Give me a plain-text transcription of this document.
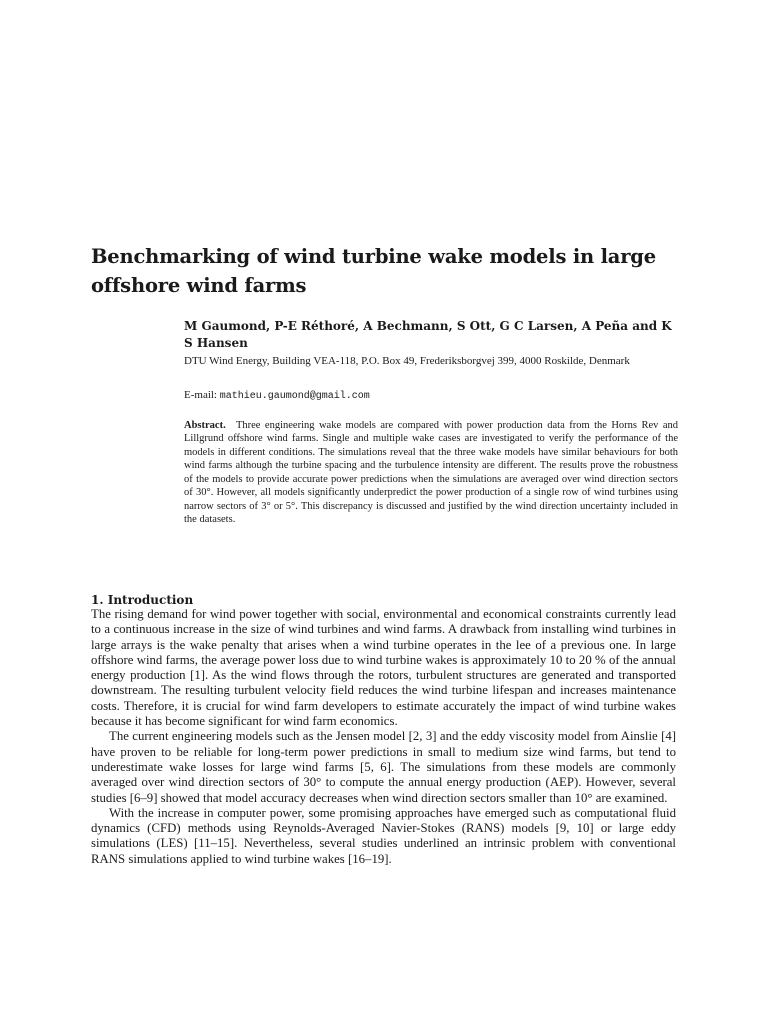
Benchmarking of wind turbine wake models in large offshore wind farms
M Gaumond, P-E Réthoré, A Bechmann, S Ott, G C Larsen, A Peña and K S Hansen
DTU Wind Energy, Building VEA-118, P.O. Box 49, Frederiksborgvej 399, 4000 Roskilde, Denmark
E-mail: mathieu.gaumond@gmail.com
Abstract. Three engineering wake models are compared with power production data from the Horns Rev and Lillgrund offshore wind farms. Single and multiple wake cases are investigated to verify the performance of the models in different conditions. The simulations reveal that the three wake models have similar behaviours for both wind farms although the turbine spacing and the turbulence intensity are different. The results prove the robustness of the models to provide accurate power predictions when the simulations are averaged over wind direction sectors of 30°. However, all models significantly underpredict the power production of a single row of wind turbines using narrow sectors of 3° or 5°. This discrepancy is discussed and justified by the wind direction uncertainty included in the datasets.
1. Introduction

The rising demand for wind power together with social, environmental and economical constraints currently lead to a continuous increase in the size of wind turbines and wind farms. A drawback from installing wind turbines in large arrays is the wake penalty that arises when a wind turbine operates in the lee of a previous one. In large offshore wind farms, the average power loss due to wind turbine wakes is approximately 10 to 20 % of the annual energy production [1]. As the wind flows through the rotors, turbulent structures are generated and transported downstream. The resulting turbulent velocity field reduces the wind turbine lifespan and increases maintenance costs. Therefore, it is crucial for wind farm developers to estimate accurately the impact of wind turbine wakes because it has become significant for wind farm economics.

The current engineering models such as the Jensen model [2, 3] and the eddy viscosity model from Ainslie [4] have proven to be reliable for long-term power predictions in small to medium size wind farms, but tend to underestimate wake losses for large wind farms [5, 6]. The simulations from these models are commonly averaged over wind direction sectors of 30° to compute the annual energy production (AEP). However, several studies [6–9] showed that model accuracy decreases when wind direction sectors smaller than 10° are examined.

With the increase in computer power, some promising approaches have emerged such as computational fluid dynamics (CFD) methods using Reynolds-Averaged Navier-Stokes (RANS) models [9, 10] or large eddy simulations (LES) [11–15]. Nevertheless, several studies underlined an intrinsic problem with conventional RANS simulations applied to wind turbine wakes [16–19].
